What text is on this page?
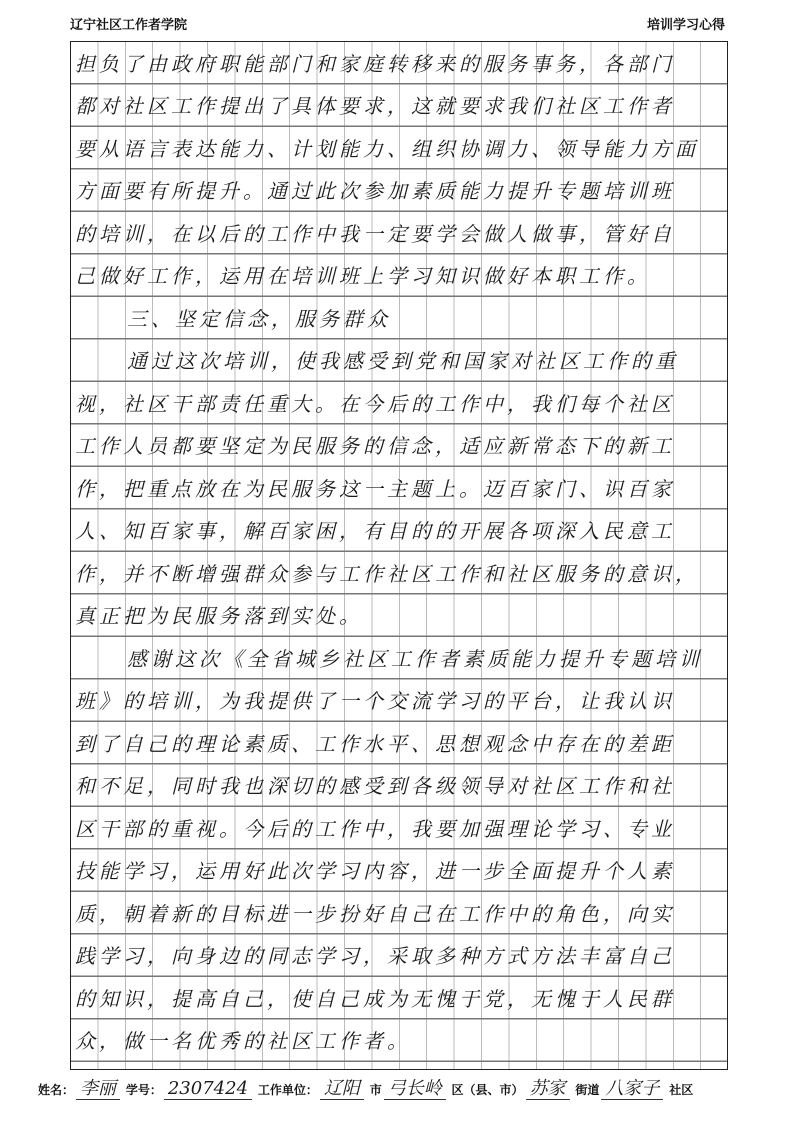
辽宁社区工作者学院	培训学习心得
担负了由政府职能部门和家庭转移来的服务事务，各部门
都对社区工作提出了具体要求，这就要求我们社区工作者
要从语言表达能力、计划能力、组织协调力、领导能力方面
方面要有所提升。通过此次参加素质能力提升专题培训班
的培训，在以后的工作中我一定要学会做人做事，管好自
己做好工作，运用在培训班上学习知识做好本职工作。
三、坚定信念，服务群众
通过这次培训，使我感受到党和国家对社区工作的重
视，社区干部责任重大。在今后的工作中，我们每个社区
工作人员都要坚定为民服务的信念，适应新常态下的新工
作，把重点放在为民服务这一主题上。迈百家门、识百家
人、知百家事，解百家困，有目的的开展各项深入民意工
作，并不断增强群众参与工作社区工作和社区服务的意识，
真正把为民服务落到实处。
感谢这次《全省城乡社区工作者素质能力提升专题培训
班》的培训，为我提供了一个交流学习的平台，让我认识
到了自己的理论素质、工作水平、思想观念中存在的差距
和不足，同时我也深切的感受到各级领导对社区工作和社
区干部的重视。今后的工作中，我要加强理论学习、专业
技能学习，运用好此次学习内容，进一步全面提升个人素
质，朝着新的目标进一步扮好自己在工作中的角色，向实
践学习，向身边的同志学习，采取多种方式方法丰富自己
的知识，提高自己，使自己成为无愧于党，无愧于人民群
众，做一名优秀的社区工作者。
姓名： 李丽 学号： 2307424 工作单位： 辽阳 市 弓长岭 区（县、市） 苏家 街道 八家子 社区
